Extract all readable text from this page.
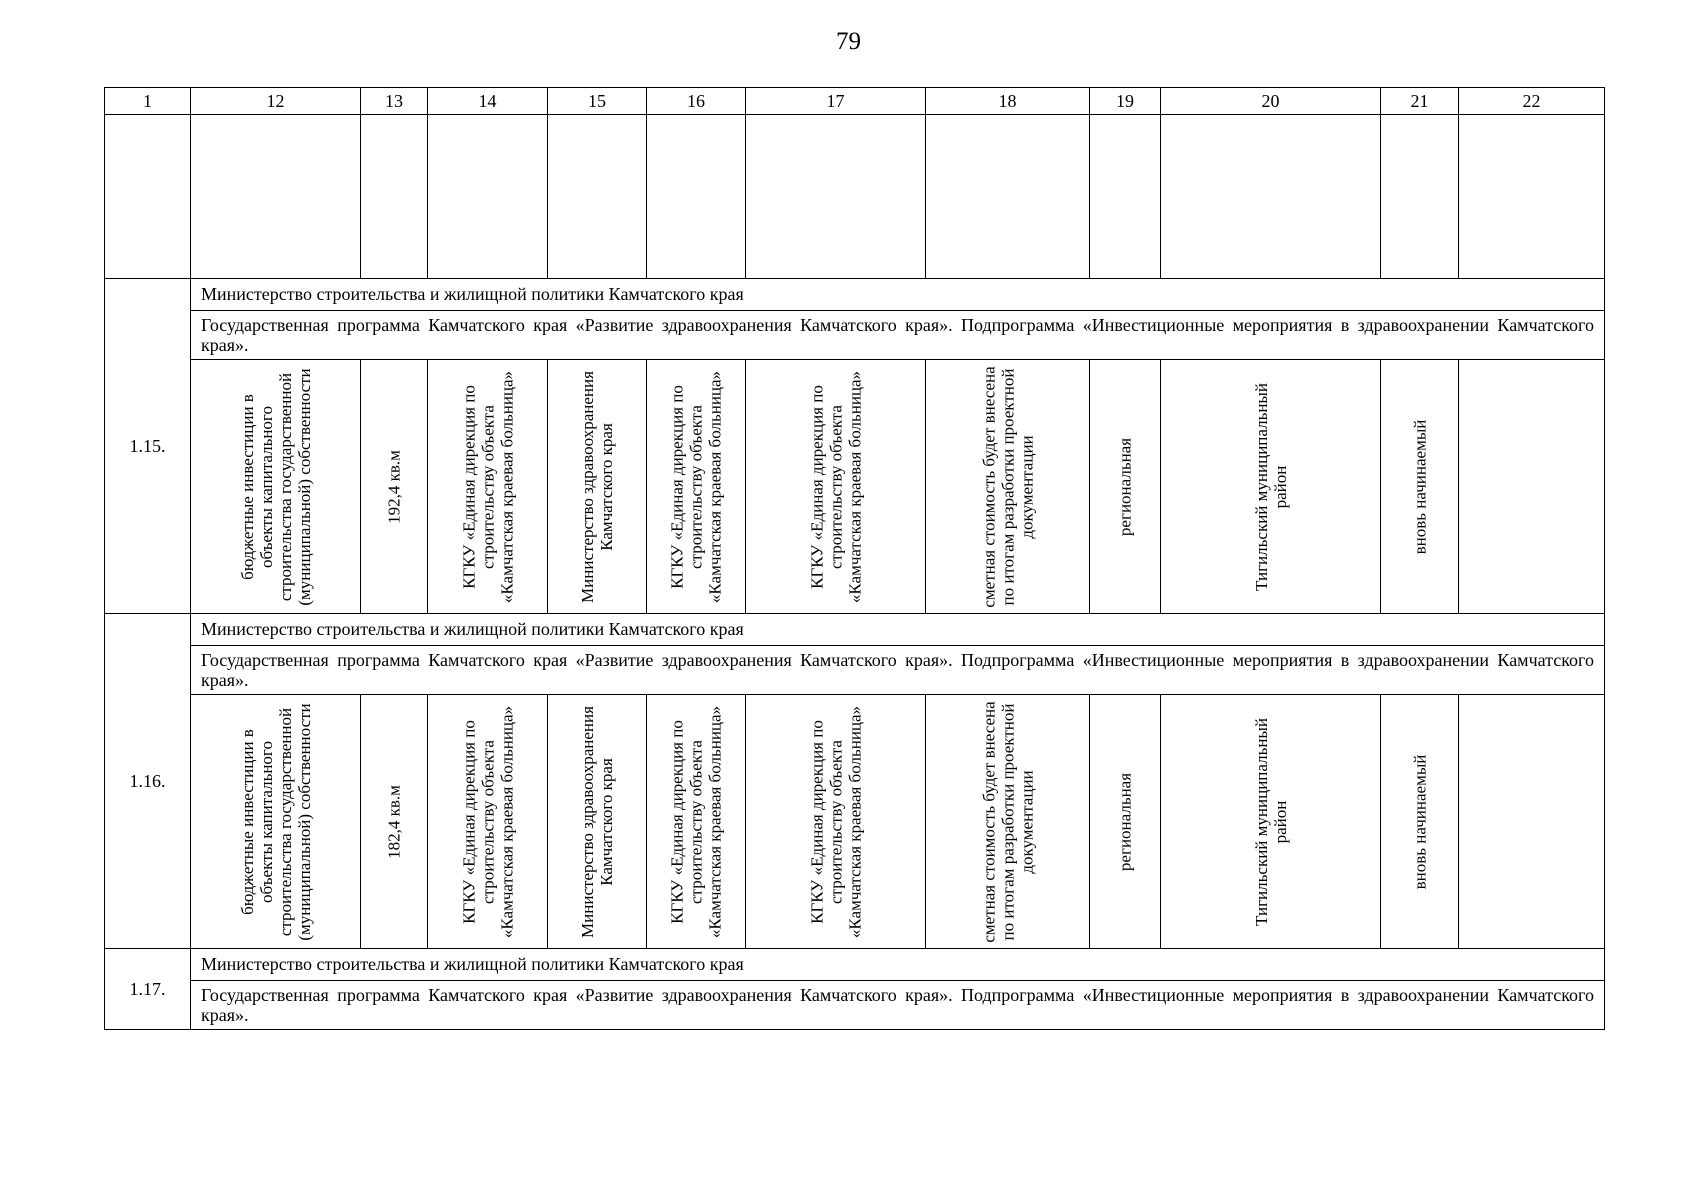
79
1	12	13	14	15	16	17	18	19	20	21	22

1.15.	Министерство строительства и жилищной политики Камчатского края										
	Государственная программа Камчатского края «Развитие здравоохранения Камчатского края». Подпрограмма «Инвестиционные мероприятия в здравоохранении Камчатского края».										

	бюджетные инвестиции в объекты капитального строительства государственной (муниципальной) собственности	192,4 кв.м	КГКУ «Единая дирекция по строительству объекта «Камчатская краевая больница»	Министерство здравоохранения Камчатского края	КГКУ «Единая дирекция по строительству объекта «Камчатская краевая больница»	КГКУ «Единая дирекция по строительству объекта «Камчатская краевая больница»	сметная стоимость будет внесена по итогам разработки проектной документации	региональная	Тигильский муниципальный район	вновь начинаемый	

1.16.	Министерство строительства и жилищной политики Камчатского края										
	Государственная программа Камчатского края «Развитие здравоохранения Камчатского края». Подпрограмма «Инвестиционные мероприятия в здравоохранении Камчатского края».										

	бюджетные инвестиции в объекты капитального строительства государственной (муниципальной) собственности	182,4 кв.м	КГКУ «Единая дирекция по строительству объекта «Камчатская краевая больница»	Министерство здравоохранения Камчатского края	КГКУ «Единая дирекция по строительству объекта «Камчатская краевая больница»	КГКУ «Единая дирекция по строительству объекта «Камчатская краевая больница»	сметная стоимость будет внесена по итогам разработки проектной документации	региональная	Тигильский муниципальный район	вновь начинаемый	

1.17.	Министерство строительства и жилищной политики Камчатского края										
	Государственная программа Камчатского края «Развитие здравоохранения Камчатского края». Подпрограмма «Инвестиционные мероприятия в здравоохранении Камчатского края».										
